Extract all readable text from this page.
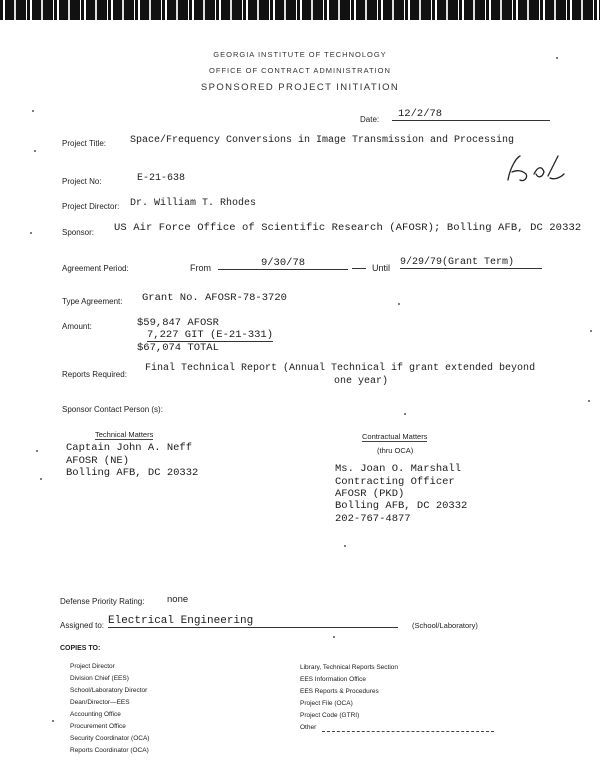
GEORGIA INSTITUTE OF TECHNOLOGY
OFFICE OF CONTRACT ADMINISTRATION
SPONSORED PROJECT INITIATION
Date:	12/2/78
Project Title: Space/Frequency Conversions in Image Transmission and Processing
Project No:	E-21-638
Project Director: Dr. William T. Rhodes
Sponsor: US Air Force Office of Scientific Research (AFOSR); Bolling AFB, DC 20332
Agreement Period:	From	9/30/78	Until 9/29/79(Grant Term)
Type Agreement: Grant No. AFOSR-78-3720
Amount:	$59,847 AFOSR
7,227 GIT (E-21-331)
$67,074 TOTAL
Reports Required:
Final Technical Report (Annual Technical if grant extended beyond
one year)
Sponsor Contact Person (s):
Technical Matters
Captain John A. Neff
AFOSR (NE)
Bolling AFB, DC 20332
Contractual Matters
(thru OCA)
Ms. Joan O. Marshall
Contracting Officer
AFOSR (PKD)
Bolling AFB, DC 20332
202-767-4877
Defense Priority Rating: none
Assigned to: Electrical Engineering	(School/Laboratory)
COPIES TO:
Project Director
Division Chief (EES)
School/Laboratory Director
Dean/Director—EES
Accounting Office
Procurement Office
Security Coordinator (OCA)
Reports Coordinator (OCA)
Library, Technical Reports Section
EES Information Office
EES Reports & Procedures
Project File (OCA)
Project Code (GTRI)
Other
